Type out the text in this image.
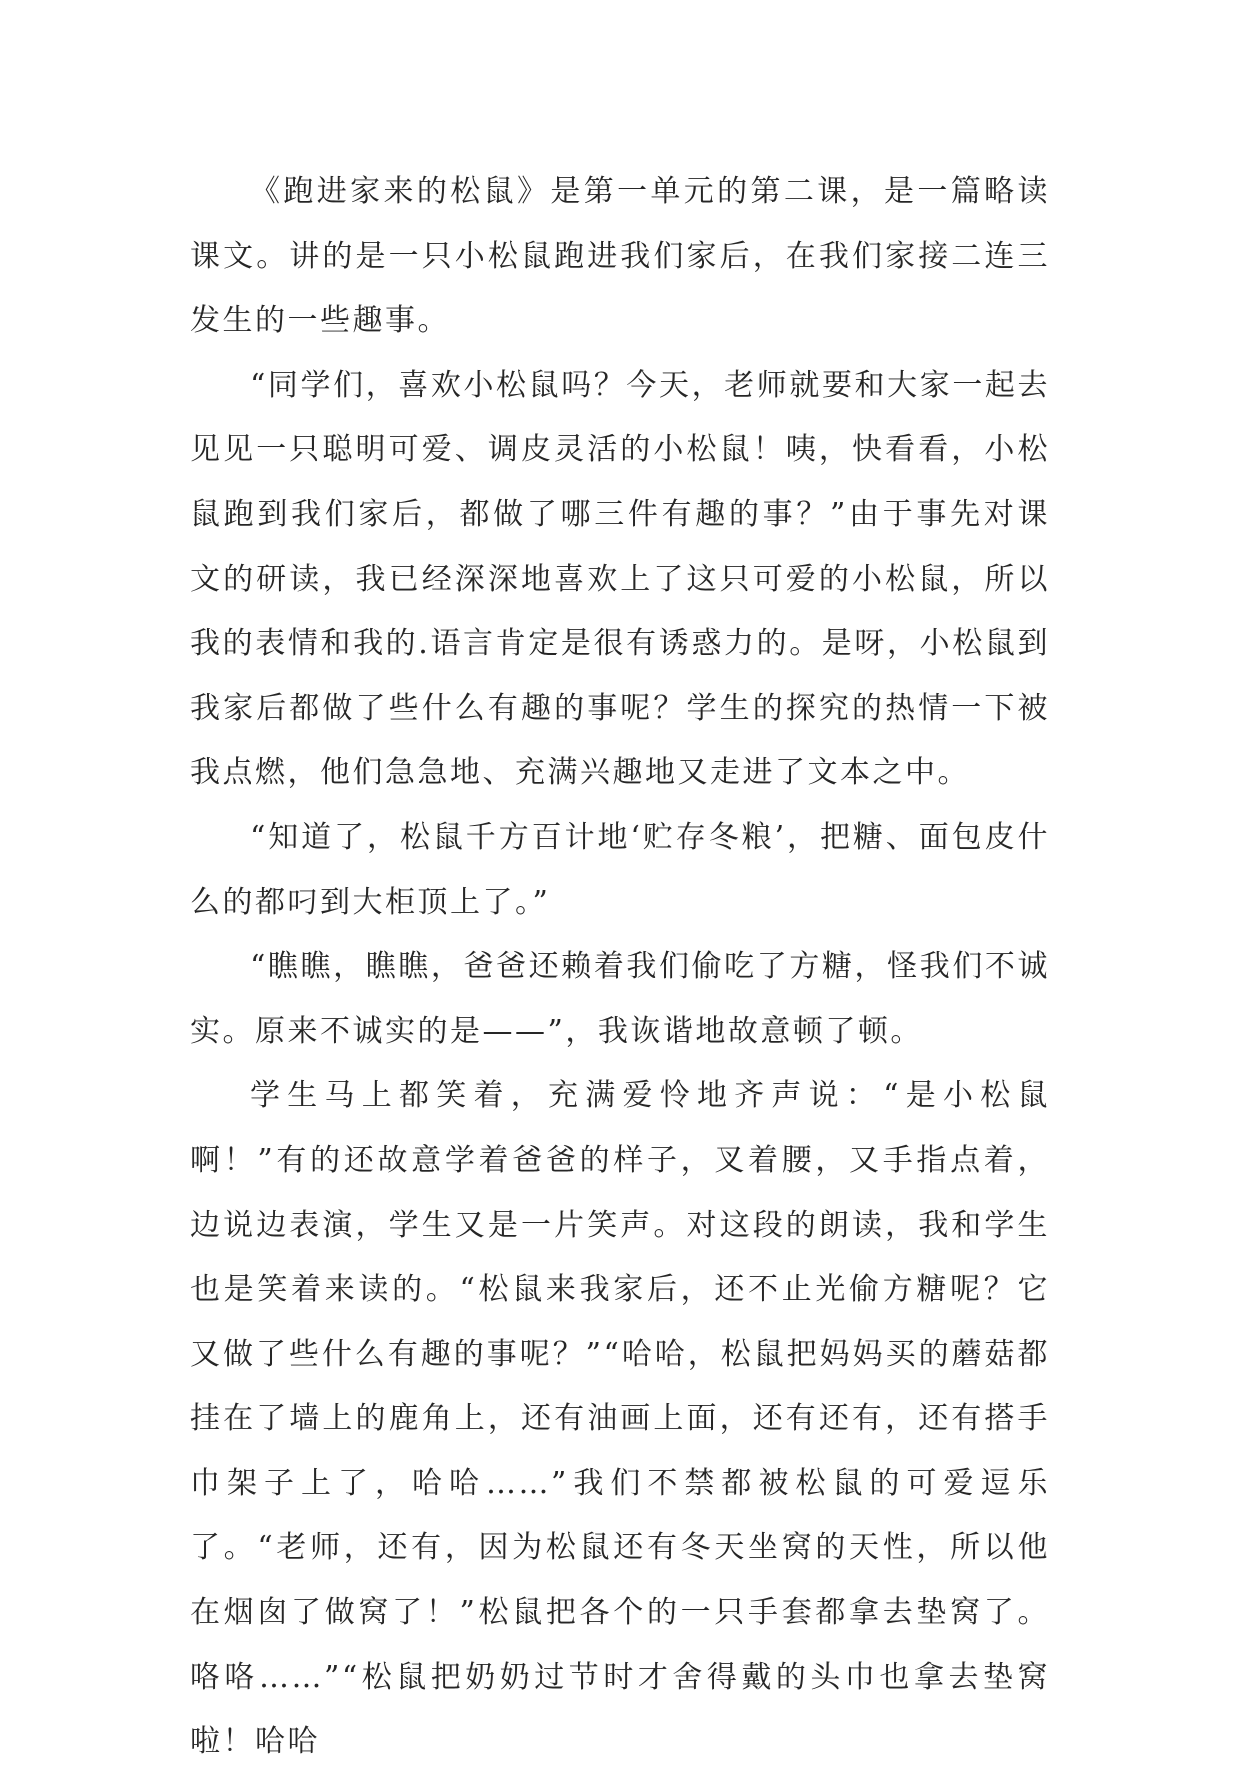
《跑进家来的松鼠》是第一单元的第二课，是一篇略读课文。讲的是一只小松鼠跑进我们家后，在我们家接二连三发生的一些趣事。

“同学们，喜欢小松鼠吗？今天，老师就要和大家一起去见见一只聪明可爱、调皮灵活的小松鼠！咦，快看看，小松鼠跑到我们家后，都做了哪三件有趣的事？”由于事先对课文的研读，我已经深深地喜欢上了这只可爱的小松鼠，所以我的表情和我的.语言肯定是很有诱惑力的。是呀，小松鼠到我家后都做了些什么有趣的事呢？学生的探究的热情一下被我点燃，他们急急地、充满兴趣地又走进了文本之中。

“知道了，松鼠千方百计地‘贮存冬粮’，把糖、面包皮什么的都叼到大柜顶上了。”

“瞧瞧，瞧瞧，爸爸还赖着我们偷吃了方糖，怪我们不诚实。原来不诚实的是——”，我诙谐地故意顿了顿。

学生马上都笑着，充满爱怜地齐声说：“是小松鼠啊！”有的还故意学着爸爸的样子，叉着腰，又手指点着，边说边表演，学生又是一片笑声。对这段的朗读，我和学生也是笑着来读的。“松鼠来我家后，还不止光偷方糖呢？它又做了些什么有趣的事呢？”“哈哈，松鼠把妈妈买的蘑菇都挂在了墙上的鹿角上，还有油画上面，还有还有，还有搭手巾架子上了，哈哈……”我们不禁都被松鼠的可爱逗乐了。“老师，还有，因为松鼠还有冬天坐窝的天性，所以他在烟囱了做窝了！”松鼠把各个的一只手套都拿去垫窝了。咯咯……”“松鼠把奶奶过节时才舍得戴的头巾也拿去垫窝啦！哈哈
